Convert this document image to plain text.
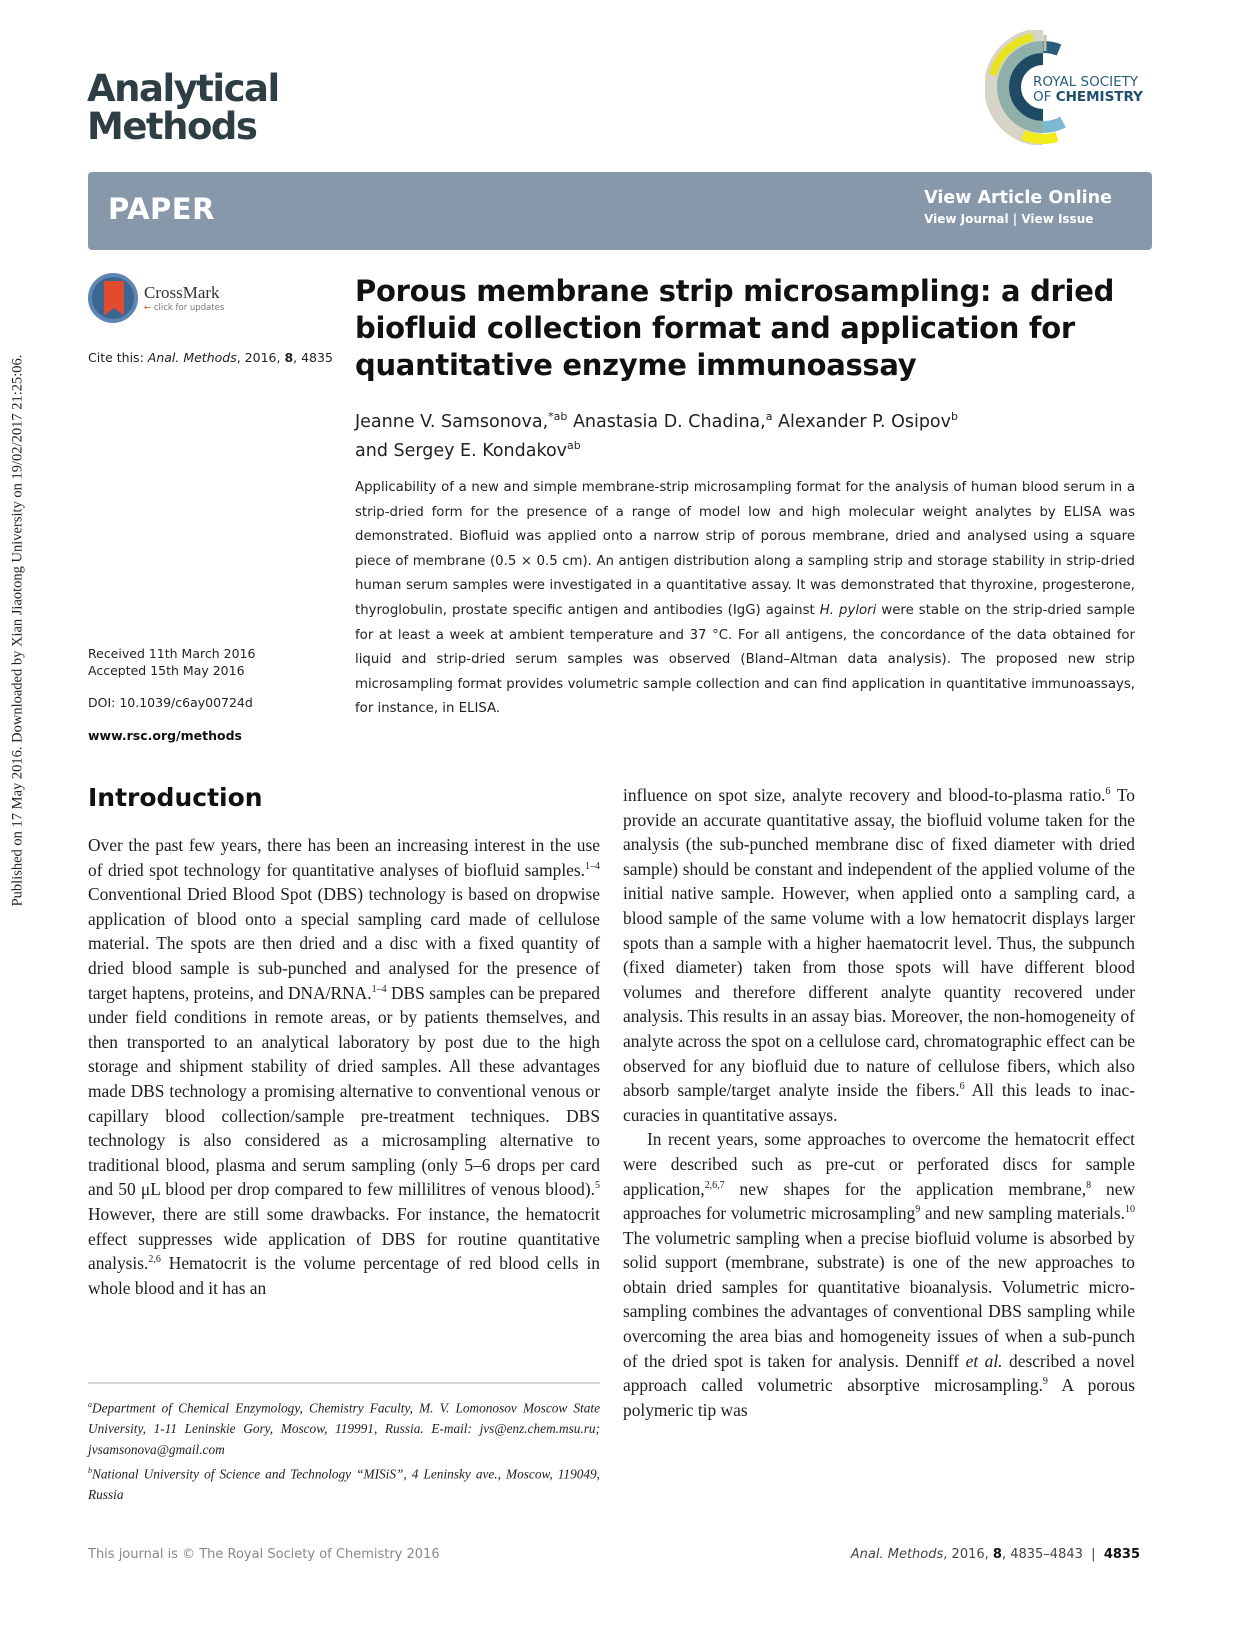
Published on 17 May 2016. Downloaded by Xian Jiaotong University on 19/02/2017 21:25:06.
Analytical
Methods
ROYAL SOCIETY
OF CHEMISTRY
PAPER	View Article Online
View Journal | View Issue
CrossMark
← click for updates
Cite this: Anal. Methods, 2016, 8, 4835
Received 11th March 2016
Accepted 15th May 2016
DOI: 10.1039/c6ay00724d
www.rsc.org/methods
Porous membrane strip microsampling: a dried biofluid collection format and application for quantitative enzyme immunoassay
Jeanne V. Samsonova,$^{*ab}$ Anastasia D. Chadina,$^a$ Alexander P. Osipov$^b$
and Sergey E. Kondakov$^{ab}$

Applicability of a new and simple membrane-strip microsampling format for the analysis of human blood serum in a strip-dried form for the presence of a range of model low and high molecular weight analytes by ELISA was demonstrated. Biofluid was applied onto a narrow strip of porous membrane, dried and analysed using a square piece of membrane (0.5 × 0.5 cm). An antigen distribution along a sampling strip and storage stability in strip-dried human serum samples were investigated in a quantitative assay. It was demonstrated that thyroxine, progesterone, thyroglobulin, prostate specific antigen and antibodies (IgG) against H. pylori were stable on the strip-dried sample for at least a week at ambient temperature and 37 °C. For all antigens, the concordance of the data obtained for liquid and strip-dried serum samples was observed (Bland–Altman data analysis). The proposed new strip microsampling format provides volumetric sample collection and can find application in quantitative immunoassays, for instance, in ELISA.

Introduction

Over the past few years, there has been an increasing interest in the use of dried spot technology for quantitative analyses of biofluid samples.$^{1-4}$ Conventional Dried Blood Spot (DBS) technology is based on dropwise application of blood onto a special sampling card made of cellulose material. The spots are then dried and a disc with a fixed quantity of dried blood sample is sub-punched and analysed for the presence of target haptens, proteins, and DNA/RNA.$^{1-4}$ DBS samples can be prepared under field conditions in remote areas, or by patients themselves, and then transported to an analytical laboratory by post due to the high storage and shipment stability of dried samples. All these advantages made DBS technology a promising alternative to conventional venous or capillary blood collection/sample pre-treatment techniques. DBS technology is also considered as a microsampling alternative to traditional blood, plasma and serum sampling (only 5–6 drops per card and 50 μL blood per drop compared to few millilitres of venous blood).$^5$ However, there are still some drawbacks. For instance, the hematocrit effect suppresses wide application of DBS for routine quantitative analysis.$^{2,6}$ Hematocrit is the volume percentage of red blood cells in whole blood and it has an

influence on spot size, analyte recovery and blood-to-plasma ratio.$^6$ To provide an accurate quantitative assay, the biofluid volume taken for the analysis (the sub-punched membrane disc of fixed diameter with dried sample) should be constant and independent of the applied volume of the initial native sample. However, when applied onto a sampling card, a blood sample of the same volume with a low hematocrit displays larger spots than a sample with a higher haematocrit level. Thus, the subpunch (fixed diameter) taken from those spots will have different blood volumes and therefore different analyte quantity recovered under analysis. This results in an assay bias. Moreover, the non-homogeneity of analyte across the spot on a cellulose card, chromatographic effect can be observed for any biofluid due to nature of cellulose fibers, which also absorb sample/target analyte inside the fibers.$^6$ All this leads to inaccuracies in quantitative assays.

In recent years, some approaches to overcome the hematocrit effect were described such as pre-cut or perforated discs for sample application,$^{2,6,7}$ new shapes for the application membrane,$^8$ new approaches for volumetric microsampling$^9$ and new sampling materials.$^{10}$ The volumetric sampling when a precise biofluid volume is absorbed by solid support (membrane, substrate) is one of the new approaches to obtain dried samples for quantitative bioanalysis. Volumetric microsampling combines the advantages of conventional DBS sampling while overcoming the area bias and homogeneity issues of when a sub-punch of the dried spot is taken for analysis. Denniff et al. described a novel approach called volumetric absorptive microsampling.$^9$ A porous polymeric tip was

$^a$Department of Chemical Enzymology, Chemistry Faculty, M. V. Lomonosov Moscow State University, 1-11 Leninskie Gory, Moscow, 119991, Russia. E-mail: jvs@enz.chem.msu.ru; jvsamsonova@gmail.com

$^b$National University of Science and Technology “MISiS”, 4 Leninsky ave., Moscow, 119049, Russia

This journal is © The Royal Society of Chemistry 2016	Anal. Methods, 2016, 8, 4835–4843  |  4835
